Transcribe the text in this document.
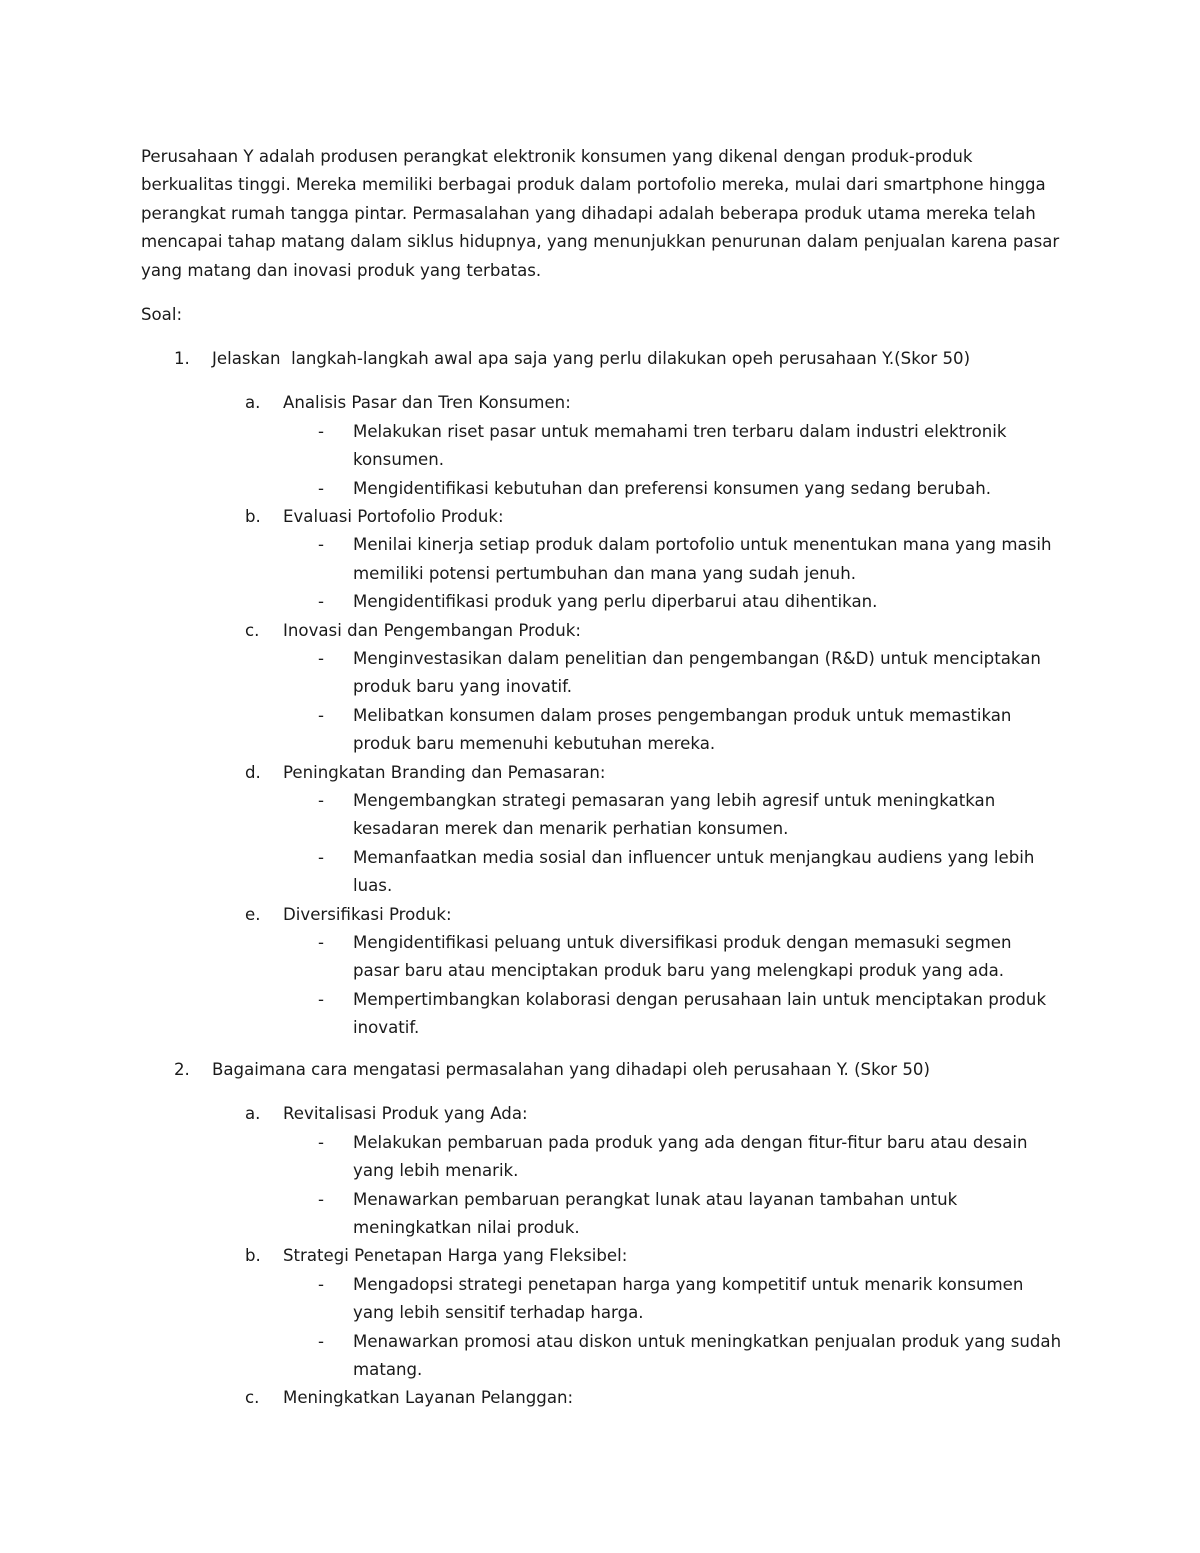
Perusahaan Y adalah produsen perangkat elektronik konsumen yang dikenal dengan produk-produk berkualitas tinggi. Mereka memiliki berbagai produk dalam portofolio mereka, mulai dari smartphone hingga perangkat rumah tangga pintar. Permasalahan yang dihadapi adalah beberapa produk utama mereka telah mencapai tahap matang dalam siklus hidupnya, yang menunjukkan penurunan dalam penjualan karena pasar yang matang dan inovasi produk yang terbatas.

Soal:

1. Jelaskan  langkah-langkah awal apa saja yang perlu dilakukan opeh perusahaan Y.(Skor 50)
a. Analisis Pasar dan Tren Konsumen:
- Melakukan riset pasar untuk memahami tren terbaru dalam industri elektronik konsumen.
- Mengidentifikasi kebutuhan dan preferensi konsumen yang sedang berubah.
b. Evaluasi Portofolio Produk:
- Menilai kinerja setiap produk dalam portofolio untuk menentukan mana yang masih memiliki potensi pertumbuhan dan mana yang sudah jenuh.
- Mengidentifikasi produk yang perlu diperbarui atau dihentikan.
c. Inovasi dan Pengembangan Produk:
- Menginvestasikan dalam penelitian dan pengembangan (R&D) untuk menciptakan produk baru yang inovatif.
- Melibatkan konsumen dalam proses pengembangan produk untuk memastikan produk baru memenuhi kebutuhan mereka.
d. Peningkatan Branding dan Pemasaran:
- Mengembangkan strategi pemasaran yang lebih agresif untuk meningkatkan kesadaran merek dan menarik perhatian konsumen.
- Memanfaatkan media sosial dan influencer untuk menjangkau audiens yang lebih luas.
e. Diversifikasi Produk:
- Mengidentifikasi peluang untuk diversifikasi produk dengan memasuki segmen pasar baru atau menciptakan produk baru yang melengkapi produk yang ada.
- Mempertimbangkan kolaborasi dengan perusahaan lain untuk menciptakan produk inovatif.
2. Bagaimana cara mengatasi permasalahan yang dihadapi oleh perusahaan Y. (Skor 50)
a. Revitalisasi Produk yang Ada:
- Melakukan pembaruan pada produk yang ada dengan fitur-fitur baru atau desain yang lebih menarik.
- Menawarkan pembaruan perangkat lunak atau layanan tambahan untuk meningkatkan nilai produk.
b. Strategi Penetapan Harga yang Fleksibel:
- Mengadopsi strategi penetapan harga yang kompetitif untuk menarik konsumen yang lebih sensitif terhadap harga.
- Menawarkan promosi atau diskon untuk meningkatkan penjualan produk yang sudah matang.
c. Meningkatkan Layanan Pelanggan:
